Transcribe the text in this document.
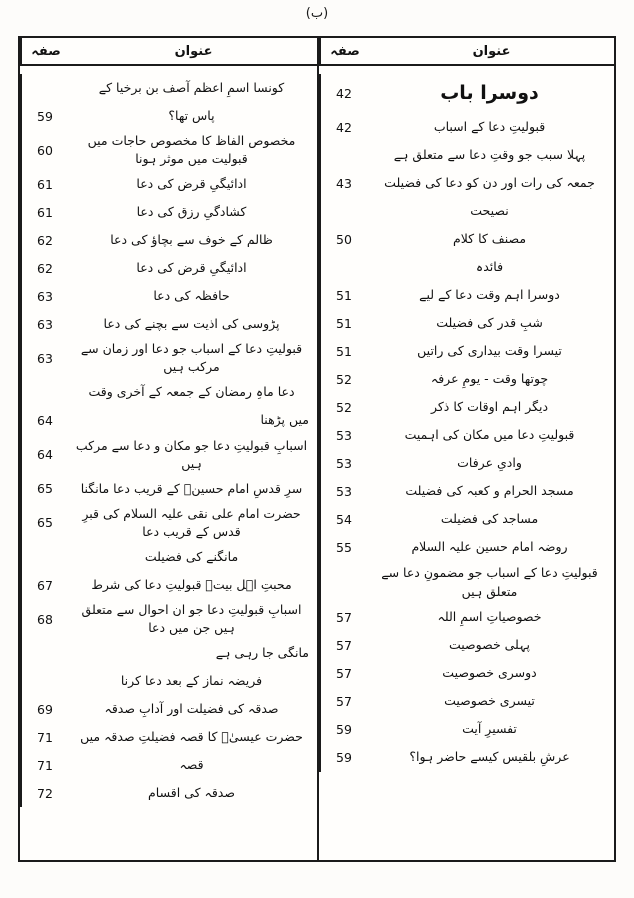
(ب)
عنوان
صفہ
دوسرا باب
42
قبولیتِ دعا کے اسباب
42
پہلا سبب جو وقتِ دعا سے متعلق ہے
جمعہ کی رات اور دن کو دعا کی فضیلت
43
نصیحت
مصنف کا کلام
50
فائدہ
دوسرا اہم وقت دعا کے لیے
51
شبِ قدر کی فضیلت
51
تیسرا وقت بیداری کی راتیں
51
چوتھا وقت - یومِ عرفہ
52
دیگر اہم اوقات کا ذکر
52
قبولیتِ دعا میں مکان کی اہمیت
53
وادیِ عرفات
53
مسجد الحرام و کعبہ کی فضیلت
53
مساجد کی فضیلت
54
روضہ امام حسین علیہ السلام
55
قبولیتِ دعا کے اسباب جو مضمونِ دعا سے متعلق ہیں
خصوصیاتِ اسمِ اللہ
57
پہلی خصوصیت
57
دوسری خصوصیت
57
تیسری خصوصیت
57
تفسیرِ آیت
59
عرشِ بلقیس کیسے حاضر ہوا؟
59
عنوان
صفہ
کونسا اسمِ اعظم آصف بن برخیا کے
پاس تھا؟
59
مخصوص الفاظ کا مخصوص حاجات میں قبولیت میں موثر ہونا
60
ادائیگیِ قرض کی دعا
61
کشادگیِ رزق کی دعا
61
ظالم کے خوف سے بچاؤ کی دعا
62
ادائیگیِ قرض کی دعا
62
حافظہ کی دعا
63
پڑوسی کی اذیت سے بچنے کی دعا
63
قبولیتِ دعا کے اسباب جو دعا اور زمان سے مرکب ہیں
63
دعا ماہِ رمضان کے جمعہ کے آخری وقت
میں پڑھنا
64
اسبابِ قبولیتِ دعا جو مکان و دعا سے مرکب ہیں
64
سرِ قدسِ امام حسینؑ کے قریب دعا مانگنا
65
حضرت امام علی نقی علیہ السلام کی قبرِ قدس کے قریب دعا
65
مانگنے کی فضیلت
محبتِ اہل بیتؑ قبولیتِ دعا کی شرط
67
اسبابِ قبولیتِ دعا جو ان احوال سے متعلق ہیں جن میں دعا
68
مانگی جا رہی ہے
فریضہ نماز کے بعد دعا کرنا
صدقہ کی فضیلت اور آدابِ صدقہ
69
حضرت عیسیٰؑ کا قصہ فضیلتِ صدقہ میں
71
قصہ
71
صدقہ کی اقسام
72
